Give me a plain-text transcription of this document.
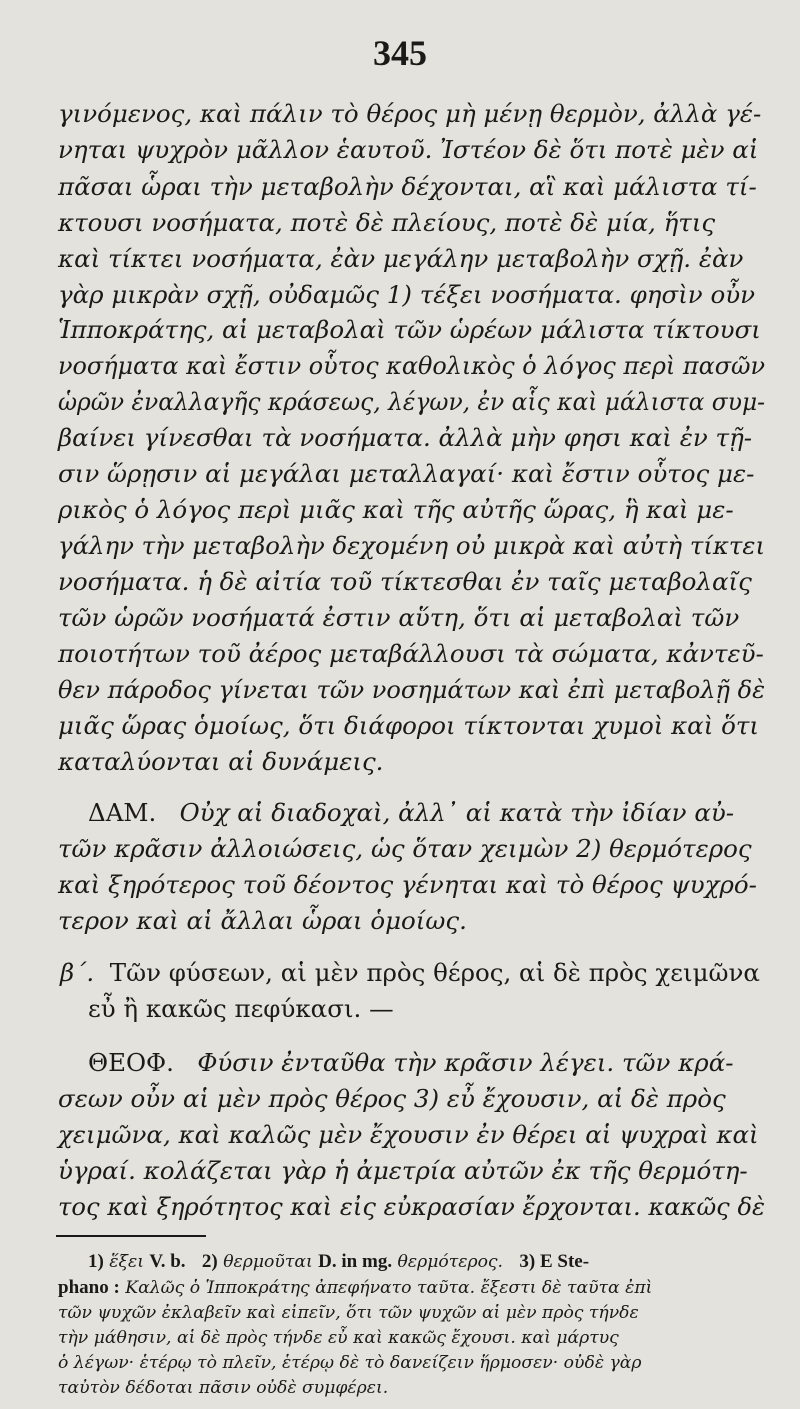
345
γινόμενος, καὶ πάλιν τὸ θέρος μὴ μένῃ θερμὸν, ἀλλὰ γέ-
νηται ψυχρὸν μᾶλλον ἑαυτοῦ. Ἰστέον δὲ ὅτι ποτὲ μὲν αἱ
πᾶσαι ὧραι τὴν μεταβολὴν δέχονται, αἳ καὶ μάλιστα τί-
κτουσι νοσήματα, ποτὲ δὲ πλείους, ποτὲ δὲ μία, ἥτις
καὶ τίκτει νοσήματα, ἐὰν μεγάλην μεταβολὴν σχῇ. ἐὰν
γὰρ μικρὰν σχῇ, οὐδαμῶς 1) τέξει νοσήματα. φησὶν οὖν
Ἱπποκράτης, αἱ μεταβολαὶ τῶν ὡρέων μάλιστα τίκτουσι
νοσήματα καὶ ἔστιν οὗτος καθολικὸς ὁ λόγος περὶ πασῶν
ὡρῶν ἐναλλαγῆς κράσεως, λέγων, ἐν αἷς καὶ μάλιστα συμ-
βαίνει γίνεσθαι τὰ νοσήματα. ἀλλὰ μὴν φησι καὶ ἐν τῇ-
σιν ὥρῃσιν αἱ μεγάλαι μεταλλαγαί· καὶ ἔστιν οὗτος με-
ρικὸς ὁ λόγος περὶ μιᾶς καὶ τῆς αὐτῆς ὥρας, ἣ καὶ με-
γάλην τὴν μεταβολὴν δεχομένη οὐ μικρὰ καὶ αὐτὴ τίκτει
νοσήματα. ἡ δὲ αἰτία τοῦ τίκτεσθαι ἐν ταῖς μεταβολαῖς
τῶν ὡρῶν νοσήματά ἐστιν αὕτη, ὅτι αἱ μεταβολαὶ τῶν
ποιοτήτων τοῦ ἀέρος μεταβάλλουσι τὰ σώματα, κἀντεῦ-
θεν πάροδος γίνεται τῶν νοσημάτων καὶ ἐπὶ μεταβολῇ δὲ
μιᾶς ὥρας ὁμοίως, ὅτι διάφοροι τίκτονται χυμοὶ καὶ ὅτι
καταλύονται αἱ δυνάμεις.
ΔΑΜ. Οὐχ αἱ διαδοχαὶ, ἀλλ᾽ αἱ κατὰ τὴν ἰδίαν αὐ-
τῶν κρᾶσιν ἀλλοιώσεις, ὡς ὅταν χειμὼν 2) θερμότερος
καὶ ξηρότερος τοῦ δέοντος γένηται καὶ τὸ θέρος ψυχρό-
τερον καὶ αἱ ἄλλαι ὧραι ὁμοίως.
β΄. Τῶν φύσεων, αἱ μὲν πρὸς θέρος, αἱ δὲ πρὸς χειμῶνα
εὖ ἢ κακῶς πεφύκασι. —
ΘΕΟΦ. Φύσιν ἐνταῦθα τὴν κρᾶσιν λέγει. τῶν κρά-
σεων οὖν αἱ μὲν πρὸς θέρος 3) εὖ ἔχουσιν, αἱ δὲ πρὸς
χειμῶνα, καὶ καλῶς μὲν ἔχουσιν ἐν θέρει αἱ ψυχραὶ καὶ
ὑγραί. κολάζεται γὰρ ἡ ἀμετρία αὐτῶν ἐκ τῆς θερμότη-
τος καὶ ξηρότητος καὶ εἰς εὐκρασίαν ἔρχονται. κακῶς δὲ
1) ἕξει V. b. 2) θερμοῦται D. in mg. θερμότερος. 3) E Ste-
phano : Καλῶς ὁ Ἱπποκράτης ἀπεφήνατο ταῦτα. ἔξεστι δὲ ταῦτα ἐπὶ
τῶν ψυχῶν ἐκλαβεῖν καὶ εἰπεῖν, ὅτι τῶν ψυχῶν αἱ μὲν πρὸς τήνδε
τὴν μάθησιν, αἱ δὲ πρὸς τήνδε εὖ καὶ κακῶς ἔχουσι. καὶ μάρτυς
ὁ λέγων· ἑτέρῳ τὸ πλεῖν, ἑτέρῳ δὲ τὸ δανείζειν ἥρμοσεν· οὐδὲ γὰρ
ταὐτὸν δέδοται πᾶσιν οὐδὲ συμφέρει.
